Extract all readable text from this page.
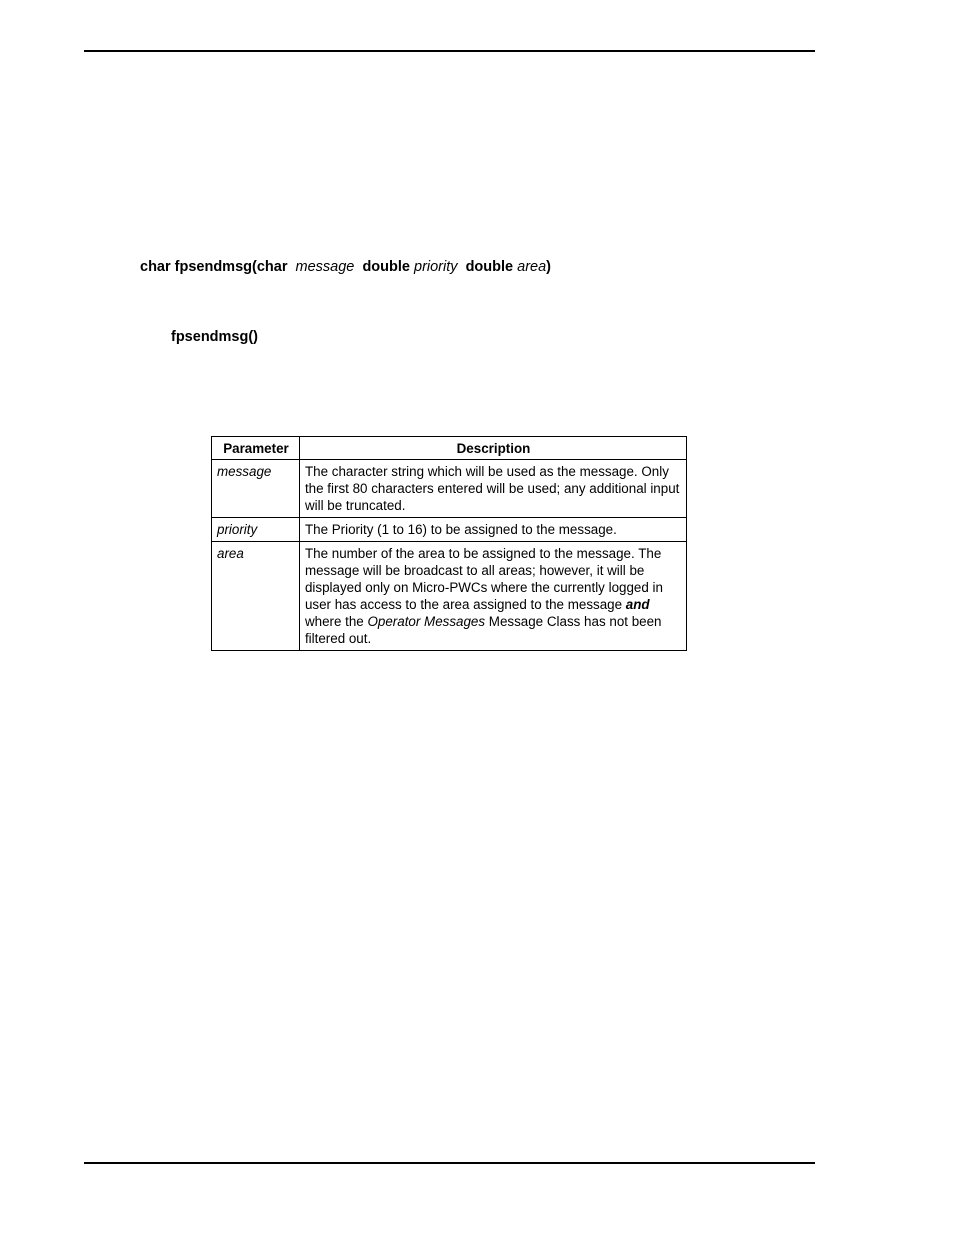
char fpsendmsg(char message double priority double area)
fpsendmsg()
Parameter	Description
message	The character string which will be used as the message. Only the first 80 characters entered will be used; any additional input will be truncated.
priority	The Priority (1 to 16) to be assigned to the message.
area	The number of the area to be assigned to the message. The message will be broadcast to all areas; however, it will be displayed only on Micro-PWCs where the currently logged in user has access to the area assigned to the message and where the Operator Messages Message Class has not been filtered out.
